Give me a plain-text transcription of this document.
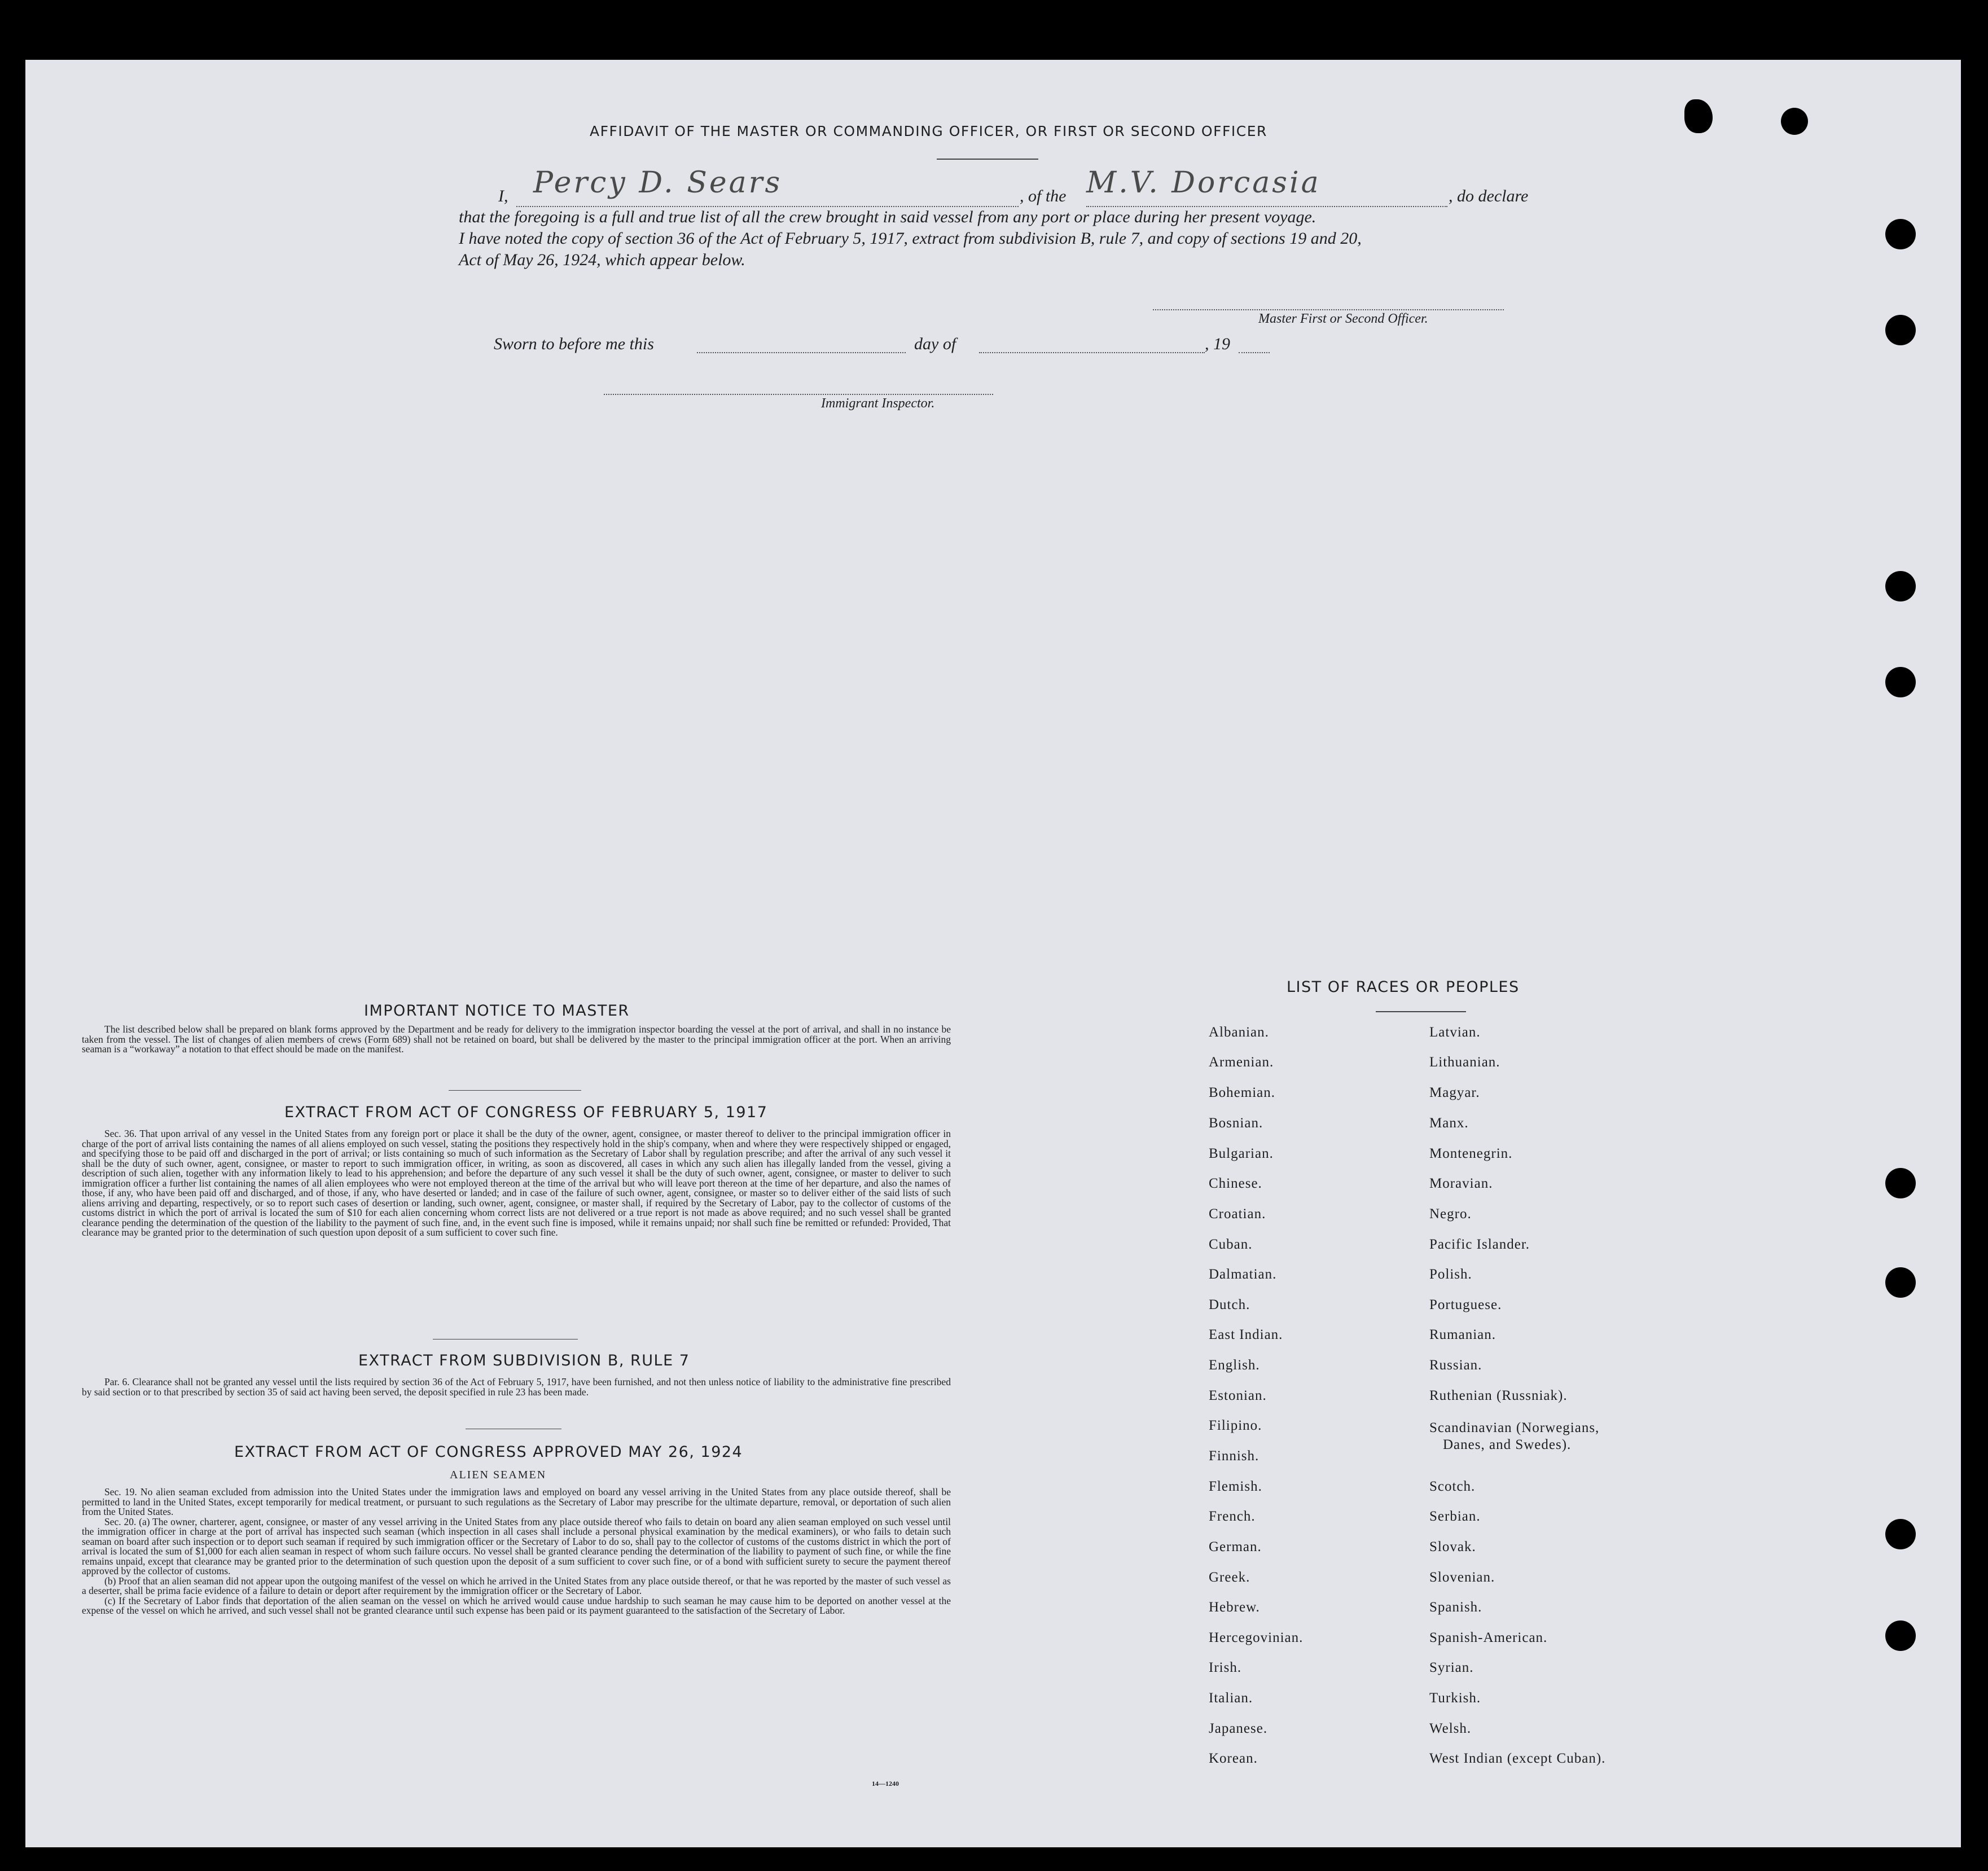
AFFIDAVIT OF THE MASTER OR COMMANDING OFFICER, OR FIRST OR SECOND OFFICER
I, Percy D. Sears	, of the M.V. Dorcasia	, do declare
that the foregoing is a full and true list of all the crew brought in said vessel from any port or place during her present voyage.
I have noted the copy of section 36 of the Act of February 5, 1917, extract from subdivision B, rule 7, and copy of sections 19 and 20,
Act of May 26, 1924, which appear below.
Master First or Second Officer.
Sworn to before me this	day of	, 19
Immigrant Inspector.
IMPORTANT NOTICE TO MASTER

The list described below shall be prepared on blank forms approved by the Department and be ready for delivery to the immigration inspector boarding the vessel at the port of arrival, and shall in no instance be taken from the vessel. The list of changes of alien members of crews (Form 689) shall not be retained on board, but shall be delivered by the master to the principal immigration officer at the port. When an arriving seaman is a “workaway” a notation to that effect should be made on the manifest.

EXTRACT FROM ACT OF CONGRESS OF FEBRUARY 5, 1917

Sec. 36. That upon arrival of any vessel in the United States from any foreign port or place it shall be the duty of the owner, agent, consignee, or master thereof to deliver to the principal immigration officer in charge of the port of arrival lists containing the names of all aliens employed on such vessel, stating the positions they respectively hold in the ship's company, when and where they were respectively shipped or engaged, and specifying those to be paid off and discharged in the port of arrival; or lists containing so much of such information as the Secretary of Labor shall by regulation prescribe; and after the arrival of any such vessel it shall be the duty of such owner, agent, consignee, or master to report to such immigration officer, in writing, as soon as discovered, all cases in which any such alien has illegally landed from the vessel, giving a description of such alien, together with any information likely to lead to his apprehension; and before the departure of any such vessel it shall be the duty of such owner, agent, consignee, or master to deliver to such immigration officer a further list containing the names of all alien employees who were not employed thereon at the time of the arrival but who will leave port thereon at the time of her departure, and also the names of those, if any, who have been paid off and discharged, and of those, if any, who have deserted or landed; and in case of the failure of such owner, agent, consignee, or master so to deliver either of the said lists of such aliens arriving and departing, respectively, or so to report such cases of desertion or landing, such owner, agent, consignee, or master shall, if required by the Secretary of Labor, pay to the collector of customs of the customs district in which the port of arrival is located the sum of $10 for each alien concerning whom correct lists are not delivered or a true report is not made as above required; and no such vessel shall be granted clearance pending the determination of the question of the liability to the payment of such fine, and, in the event such fine is imposed, while it remains unpaid; nor shall such fine be remitted or refunded: Provided, That clearance may be granted prior to the determination of such question upon deposit of a sum sufficient to cover such fine.

EXTRACT FROM SUBDIVISION B, RULE 7

Par. 6. Clearance shall not be granted any vessel until the lists required by section 36 of the Act of February 5, 1917, have been furnished, and not then unless notice of liability to the administrative fine prescribed by said section or to that prescribed by section 35 of said act having been served, the deposit specified in rule 23 has been made.

EXTRACT FROM ACT OF CONGRESS APPROVED MAY 26, 1924
ALIEN SEAMEN

Sec. 19. No alien seaman excluded from admission into the United States under the immigration laws and employed on board any vessel arriving in the United States from any place outside thereof, shall be permitted to land in the United States, except temporarily for medical treatment, or pursuant to such regulations as the Secretary of Labor may prescribe for the ultimate departure, removal, or deportation of such alien from the United States.

Sec. 20. (a) The owner, charterer, agent, consignee, or master of any vessel arriving in the United States from any place outside thereof who fails to detain on board any alien seaman employed on such vessel until the immigration officer in charge at the port of arrival has inspected such seaman (which inspection in all cases shall include a personal physical examination by the medical examiners), or who fails to detain such seaman on board after such inspection or to deport such seaman if required by such immigration officer or the Secretary of Labor to do so, shall pay to the collector of customs of the customs district in which the port of arrival is located the sum of $1,000 for each alien seaman in respect of whom such failure occurs. No vessel shall be granted clearance pending the determination of the liability to payment of such fine, or while the fine remains unpaid, except that clearance may be granted prior to the determination of such question upon the deposit of a sum sufficient to cover such fine, or of a bond with sufficient surety to secure the payment thereof approved by the collector of customs.

(b) Proof that an alien seaman did not appear upon the outgoing manifest of the vessel on which he arrived in the United States from any place outside thereof, or that he was reported by the master of such vessel as a deserter, shall be prima facie evidence of a failure to detain or deport after requirement by the immigration officer or the Secretary of Labor.

(c) If the Secretary of Labor finds that deportation of the alien seaman on the vessel on which he arrived would cause undue hardship to such seaman he may cause him to be deported on another vessel at the expense of the vessel on which he arrived, and such vessel shall not be granted clearance until such expense has been paid or its payment guaranteed to the satisfaction of the Secretary of Labor.

14—1240
LIST OF RACES OR PEOPLES
Albanian.
Armenian.
Bohemian.
Bosnian.
Bulgarian.
Chinese.
Croatian.
Cuban.
Dalmatian.
Dutch.
East Indian.
English.
Estonian.
Filipino.
Finnish.
Flemish.
French.
German.
Greek.
Hebrew.
Hercegovinian.
Irish.
Italian.
Japanese.
Korean.
Latvian.
Lithuanian.
Magyar.
Manx.
Montenegrin.
Moravian.
Negro.
Pacific Islander.
Polish.
Portuguese.
Rumanian.
Russian.
Ruthenian (Russniak).
Scandinavian (Norwegians,
Danes, and Swedes).
Scotch.
Serbian.
Slovak.
Slovenian.
Spanish.
Spanish-American.
Syrian.
Turkish.
Welsh.
West Indian (except Cuban).
